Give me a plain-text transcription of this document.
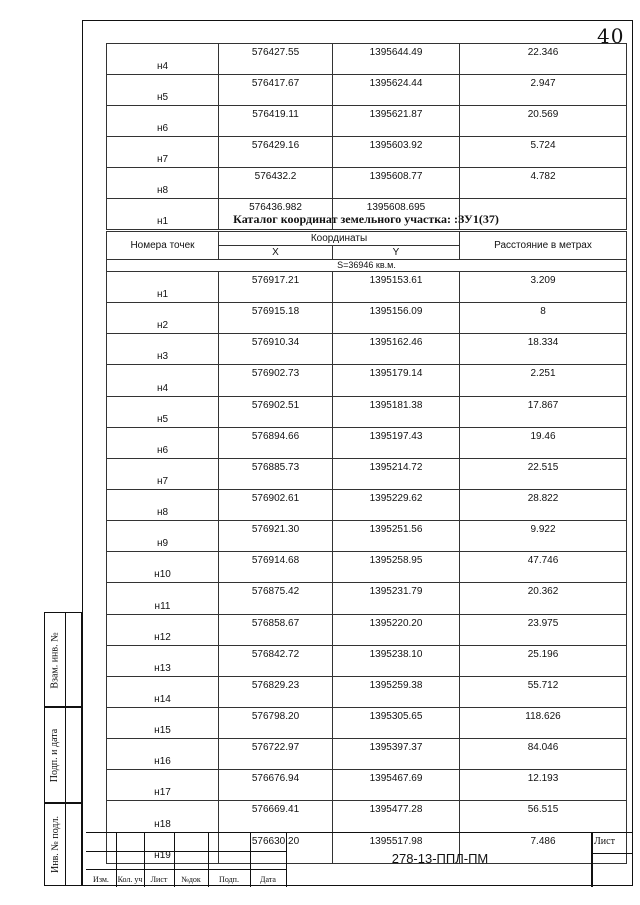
40
н4	576427.55	1395644.49	22.346
н5	576417.67	1395624.44	2.947
н6	576419.11	1395621.87	20.569
н7	576429.16	1395603.92	5.724
н8	576432.2	1395608.77	4.782
н1	576436.982	1395608.695	
Каталог координат земельного участка: :ЗУ1(37)
Номера точек	Координаты		Расстояние в метрах
	X	Y	
S=36946 кв.м.			
н1	576917.21	1395153.61	3.209
н2	576915.18	1395156.09	8
н3	576910.34	1395162.46	18.334
н4	576902.73	1395179.14	2.251
н5	576902.51	1395181.38	17.867
н6	576894.66	1395197.43	19.46
н7	576885.73	1395214.72	22.515
н8	576902.61	1395229.62	28.822
н9	576921.30	1395251.56	9.922
н10	576914.68	1395258.95	47.746
н11	576875.42	1395231.79	20.362
н12	576858.67	1395220.20	23.975
н13	576842.72	1395238.10	25.196
н14	576829.23	1395259.38	55.712
н15	576798.20	1395305.65	118.626
н16	576722.97	1395397.37	84.046
н17	576676.94	1395467.69	12.193
н18	576669.41	1395477.28	56.515
н19	576630.20	1395517.98	7.486
Взам. инв. №
Подп. и дата
Инв. № подл.
Изм.	Кол. уч	Лист	№док	Подп.	Дата
278-13-ППЛ-ПМ
Лист
